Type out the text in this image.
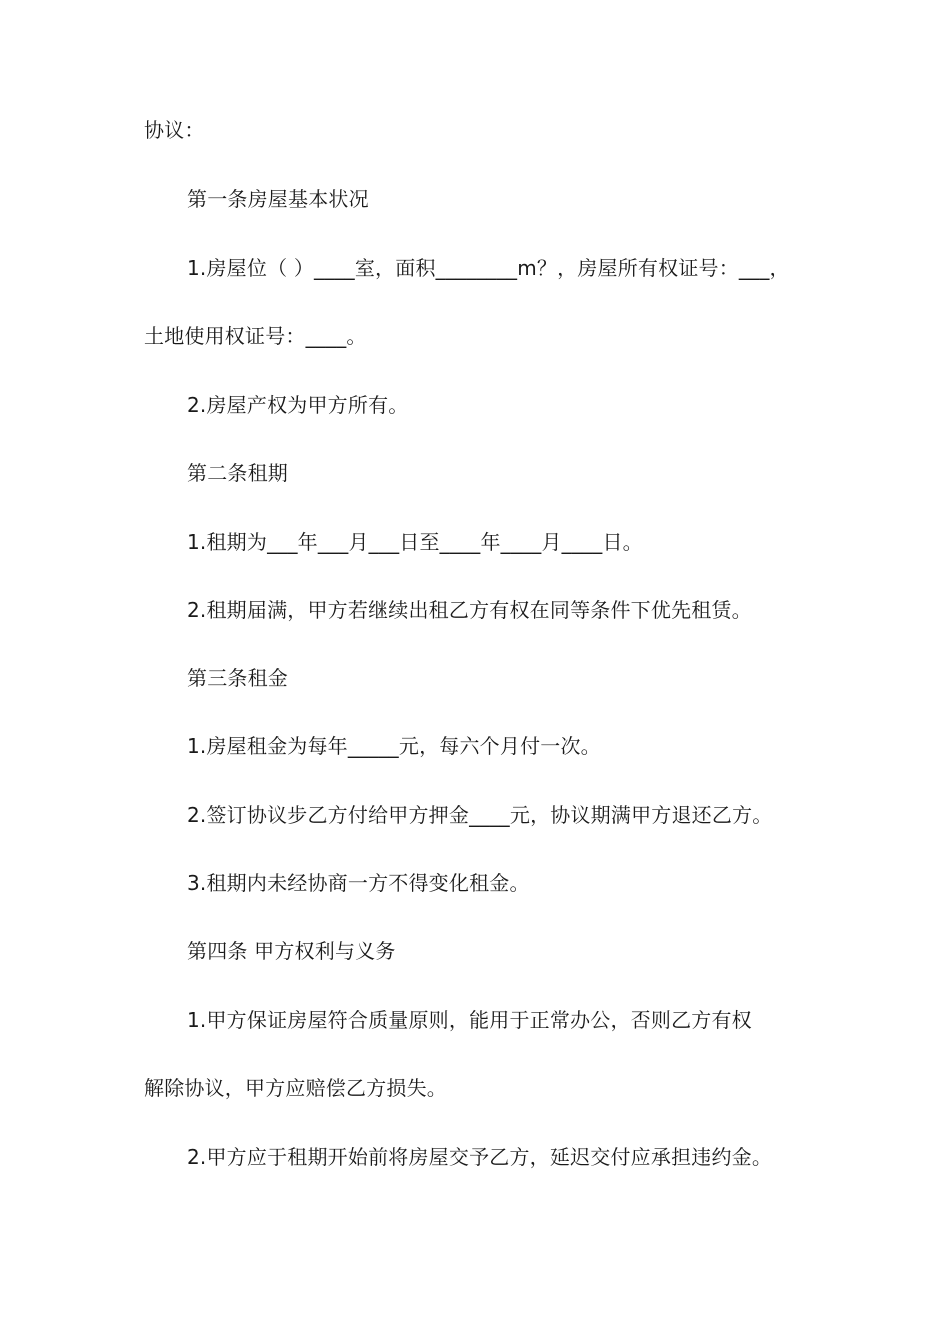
协议：
第一条房屋基本状况
1.房屋位（ ）____室，面积________m？，房屋所有权证号：___，
土地使用权证号：____。
2.房屋产权为甲方所有。
第二条租期
1.租期为___年___月___日至____年____月____日。
2.租期届满，甲方若继续出租乙方有权在同等条件下优先租赁。
第三条租金
1.房屋租金为每年_____元，每六个月付一次。
2.签订协议步乙方付给甲方押金____元，协议期满甲方退还乙方。
3.租期内未经协商一方不得变化租金。
第四条 甲方权利与义务
1.甲方保证房屋符合质量原则，能用于正常办公，否则乙方有权
解除协议，甲方应赔偿乙方损失。
2.甲方应于租期开始前将房屋交予乙方，延迟交付应承担违约金。
